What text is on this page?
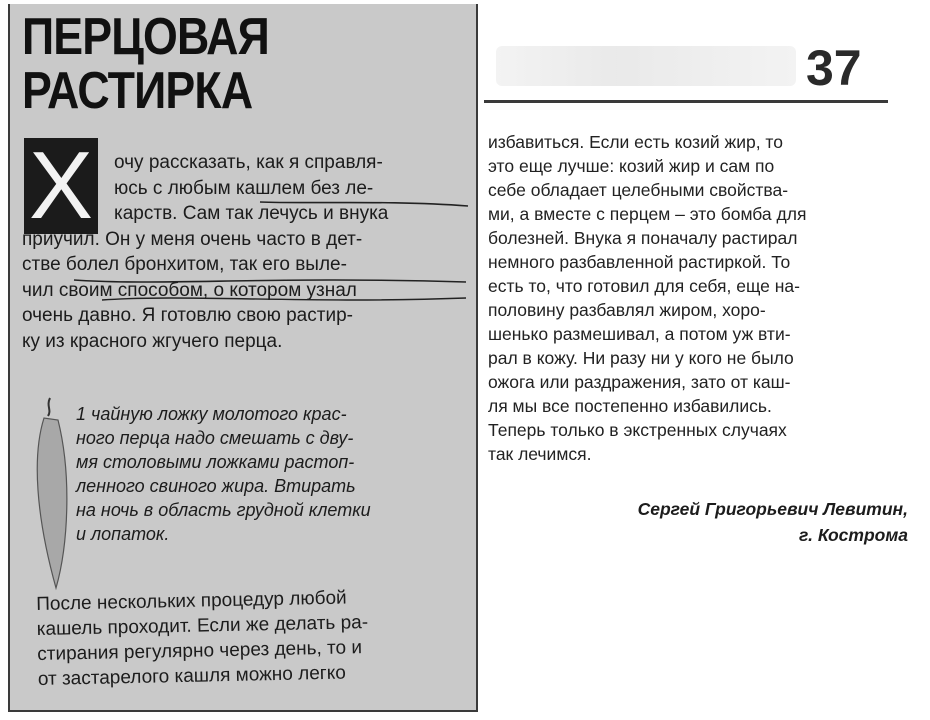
ПЕРЦОВАЯ
РАСТИРКА
Х	очу рассказать, как я справля-
юсь с любым кашлем без ле-
карств. Сам так лечусь и внука
приучил. Он у меня очень часто в дет-
стве болел бронхитом, так его выле-
чил своим способом, о котором узнал
очень давно. Я готовлю свою растир-
ку из красного жгучего перца.

1 чайную ложку молотого крас-
ного перца надо смешать с дву-
мя столовыми ложками растоп-
ленного свиного жира. Втирать
на ночь в область грудной клетки
и лопаток.

После нескольких процедур любой
кашель проходит. Если же делать ра-
стирания регулярно через день, то и
от застарелого кашля можно легко

37

избавиться. Если есть козий жир, то
это еще лучше: козий жир и сам по
себе обладает целебными свойства-
ми, а вместе с перцем – это бомба для
болезней. Внука я поначалу растирал
немного разбавленной растиркой. То
есть то, что готовил для себя, еще на-
половину разбавлял жиром, хоро-
шенько размешивал, а потом уж вти-
рал в кожу. Ни разу ни у кого не было
ожога или раздражения, зато от каш-
ля мы все постепенно избавились.
Теперь только в экстренных случаях
так лечимся.

Сергей Григорьевич Левитин,
г. Кострома
